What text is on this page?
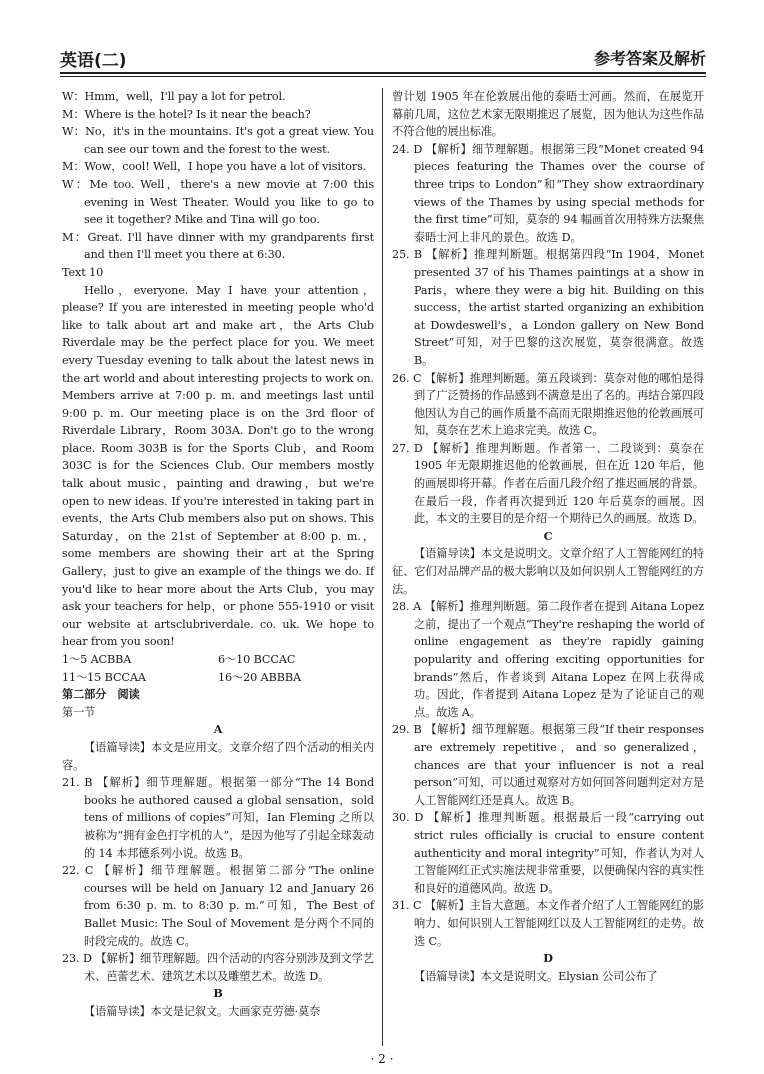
英语(二)	参考答案及解析

W：Hmm，well，I'll pay a lot for petrol.

M：Where is the hotel? Is it near the beach?

W：No，it's in the mountains. It's got a great view. You can see our town and the forest to the west.

M：Wow，cool! Well，I hope you have a lot of visitors.

W：Me too. Well，there's a new movie at 7:00 this evening in West Theater. Would you like to go to see it together? Mike and Tina will go too.

M：Great. I'll have dinner with my grandparents first and then I'll meet you there at 6:30.

Text 10

Hello，everyone. May I have your attention，please? If you are interested in meeting people who'd like to talk about art and make art，the Arts Club Riverdale may be the perfect place for you. We meet every Tuesday evening to talk about the latest news in the art world and about interesting projects to work on. Members arrive at 7:00 p. m. and meetings last until 9:00 p. m. Our meeting place is on the 3rd floor of Riverdale Library，Room 303A. Don't go to the wrong place. Room 303B is for the Sports Club，and Room 303C is for the Sciences Club. Our members mostly talk about music，painting and drawing，but we're open to new ideas. If you're interested in taking part in events，the Arts Club members also put on shows. This Saturday，on the 21st of September at 8:00 p. m.，some members are showing their art at the Spring Gallery，just to give an example of the things we do. If you'd like to hear more about the Arts Club，you may ask your teachers for help，or phone 555-1910 or visit our website at artsclubriverdale. co. uk. We hope to hear from you soon!

1～5 ACBBA	6～10 BCCAC
11～15 BCCAA	16～20 ABBBA

第二部分　阅读

第一节

A

【语篇导读】本文是应用文。文章介绍了四个活动的相关内容。

21. B 【解析】细节理解题。根据第一部分“The 14 Bond books he authored caused a global sensation，sold tens of millions of copies”可知，Ian Fleming 之所以被称为“拥有金色打字机的人”，是因为他写了引起全球轰动的 14 本邦德系列小说。故选 B。

22. C 【解析】细节理解题。根据第二部分“The online courses will be held on January 12 and January 26 from 6:30 p. m. to 8:30 p. m.”可知，The Best of Ballet Music: The Soul of Movement 是分两个不同的时段完成的。故选 C。

23. D 【解析】细节理解题。四个活动的内容分别涉及到文学艺术、芭蕾艺术、建筑艺术以及雕塑艺术。故选 D。

B

【语篇导读】本文是记叙文。大画家克劳德·莫奈

曾计划 1905 年在伦敦展出他的泰晤士河画。然而，在展览开幕前几周，这位艺术家无限期推迟了展览，因为他认为这些作品不符合他的展出标准。

24. D 【解析】细节理解题。根据第三段“Monet created 94 pieces featuring the Thames over the course of three trips to London”和“They show extraordinary views of the Thames by using special methods for the first time”可知，莫奈的 94 幅画首次用特殊方法聚焦泰晤士河上非凡的景色。故选 D。

25. B 【解析】推理判断题。根据第四段“In 1904，Monet presented 37 of his Thames paintings at a show in Paris，where they were a big hit. Building on this success，the artist started organizing an exhibition at Dowdeswell's，a London gallery on New Bond Street”可知，对于巴黎的这次展览，莫奈很满意。故选 B。

26. C 【解析】推理判断题。第五段谈到：莫奈对他的哪怕是得到了广泛赞扬的作品感到不满意是出了名的。再结合第四段他因认为自己的画作质量不高而无限期推迟他的伦敦画展可知，莫奈在艺术上追求完美。故选 C。

27. D 【解析】推理判断题。作者第一、二段谈到：莫奈在 1905 年无限期推迟他的伦敦画展，但在近 120 年后，他的画展即将开幕。作者在后面几段介绍了推迟画展的背景。在最后一段，作者再次提到近 120 年后莫奈的画展。因此，本文的主要目的是介绍一个期待已久的画展。故选 D。

C

【语篇导读】本文是说明文。文章介绍了人工智能网红的特征、它们对品牌产品的极大影响以及如何识别人工智能网红的方法。

28. A 【解析】推理判断题。第二段作者在提到 Aitana Lopez 之前，提出了一个观点“They're reshaping the world of online engagement as they're rapidly gaining popularity and offering exciting opportunities for brands”然后，作者谈到 Aitana Lopez 在网上获得成功。因此，作者提到 Aitana Lopez 是为了论证自己的观点。故选 A。

29. B 【解析】细节理解题。根据第三段“If their responses are extremely repetitive，and so generalized，chances are that your influencer is not a real person”可知，可以通过观察对方如何回答问题判定对方是人工智能网红还是真人。故选 B。

30. D 【解析】推理判断题。根据最后一段“carrying out strict rules officially is crucial to ensure content authenticity and moral integrity”可知，作者认为对人工智能网红正式实施法规非常重要，以便确保内容的真实性和良好的道德风尚。故选 D。

31. C 【解析】主旨大意题。本文作者介绍了人工智能网红的影响力、如何识别人工智能网红以及人工智能网红的走势。故选 C。

D

【语篇导读】本文是说明文。Elysian 公司公布了

· 2 ·
